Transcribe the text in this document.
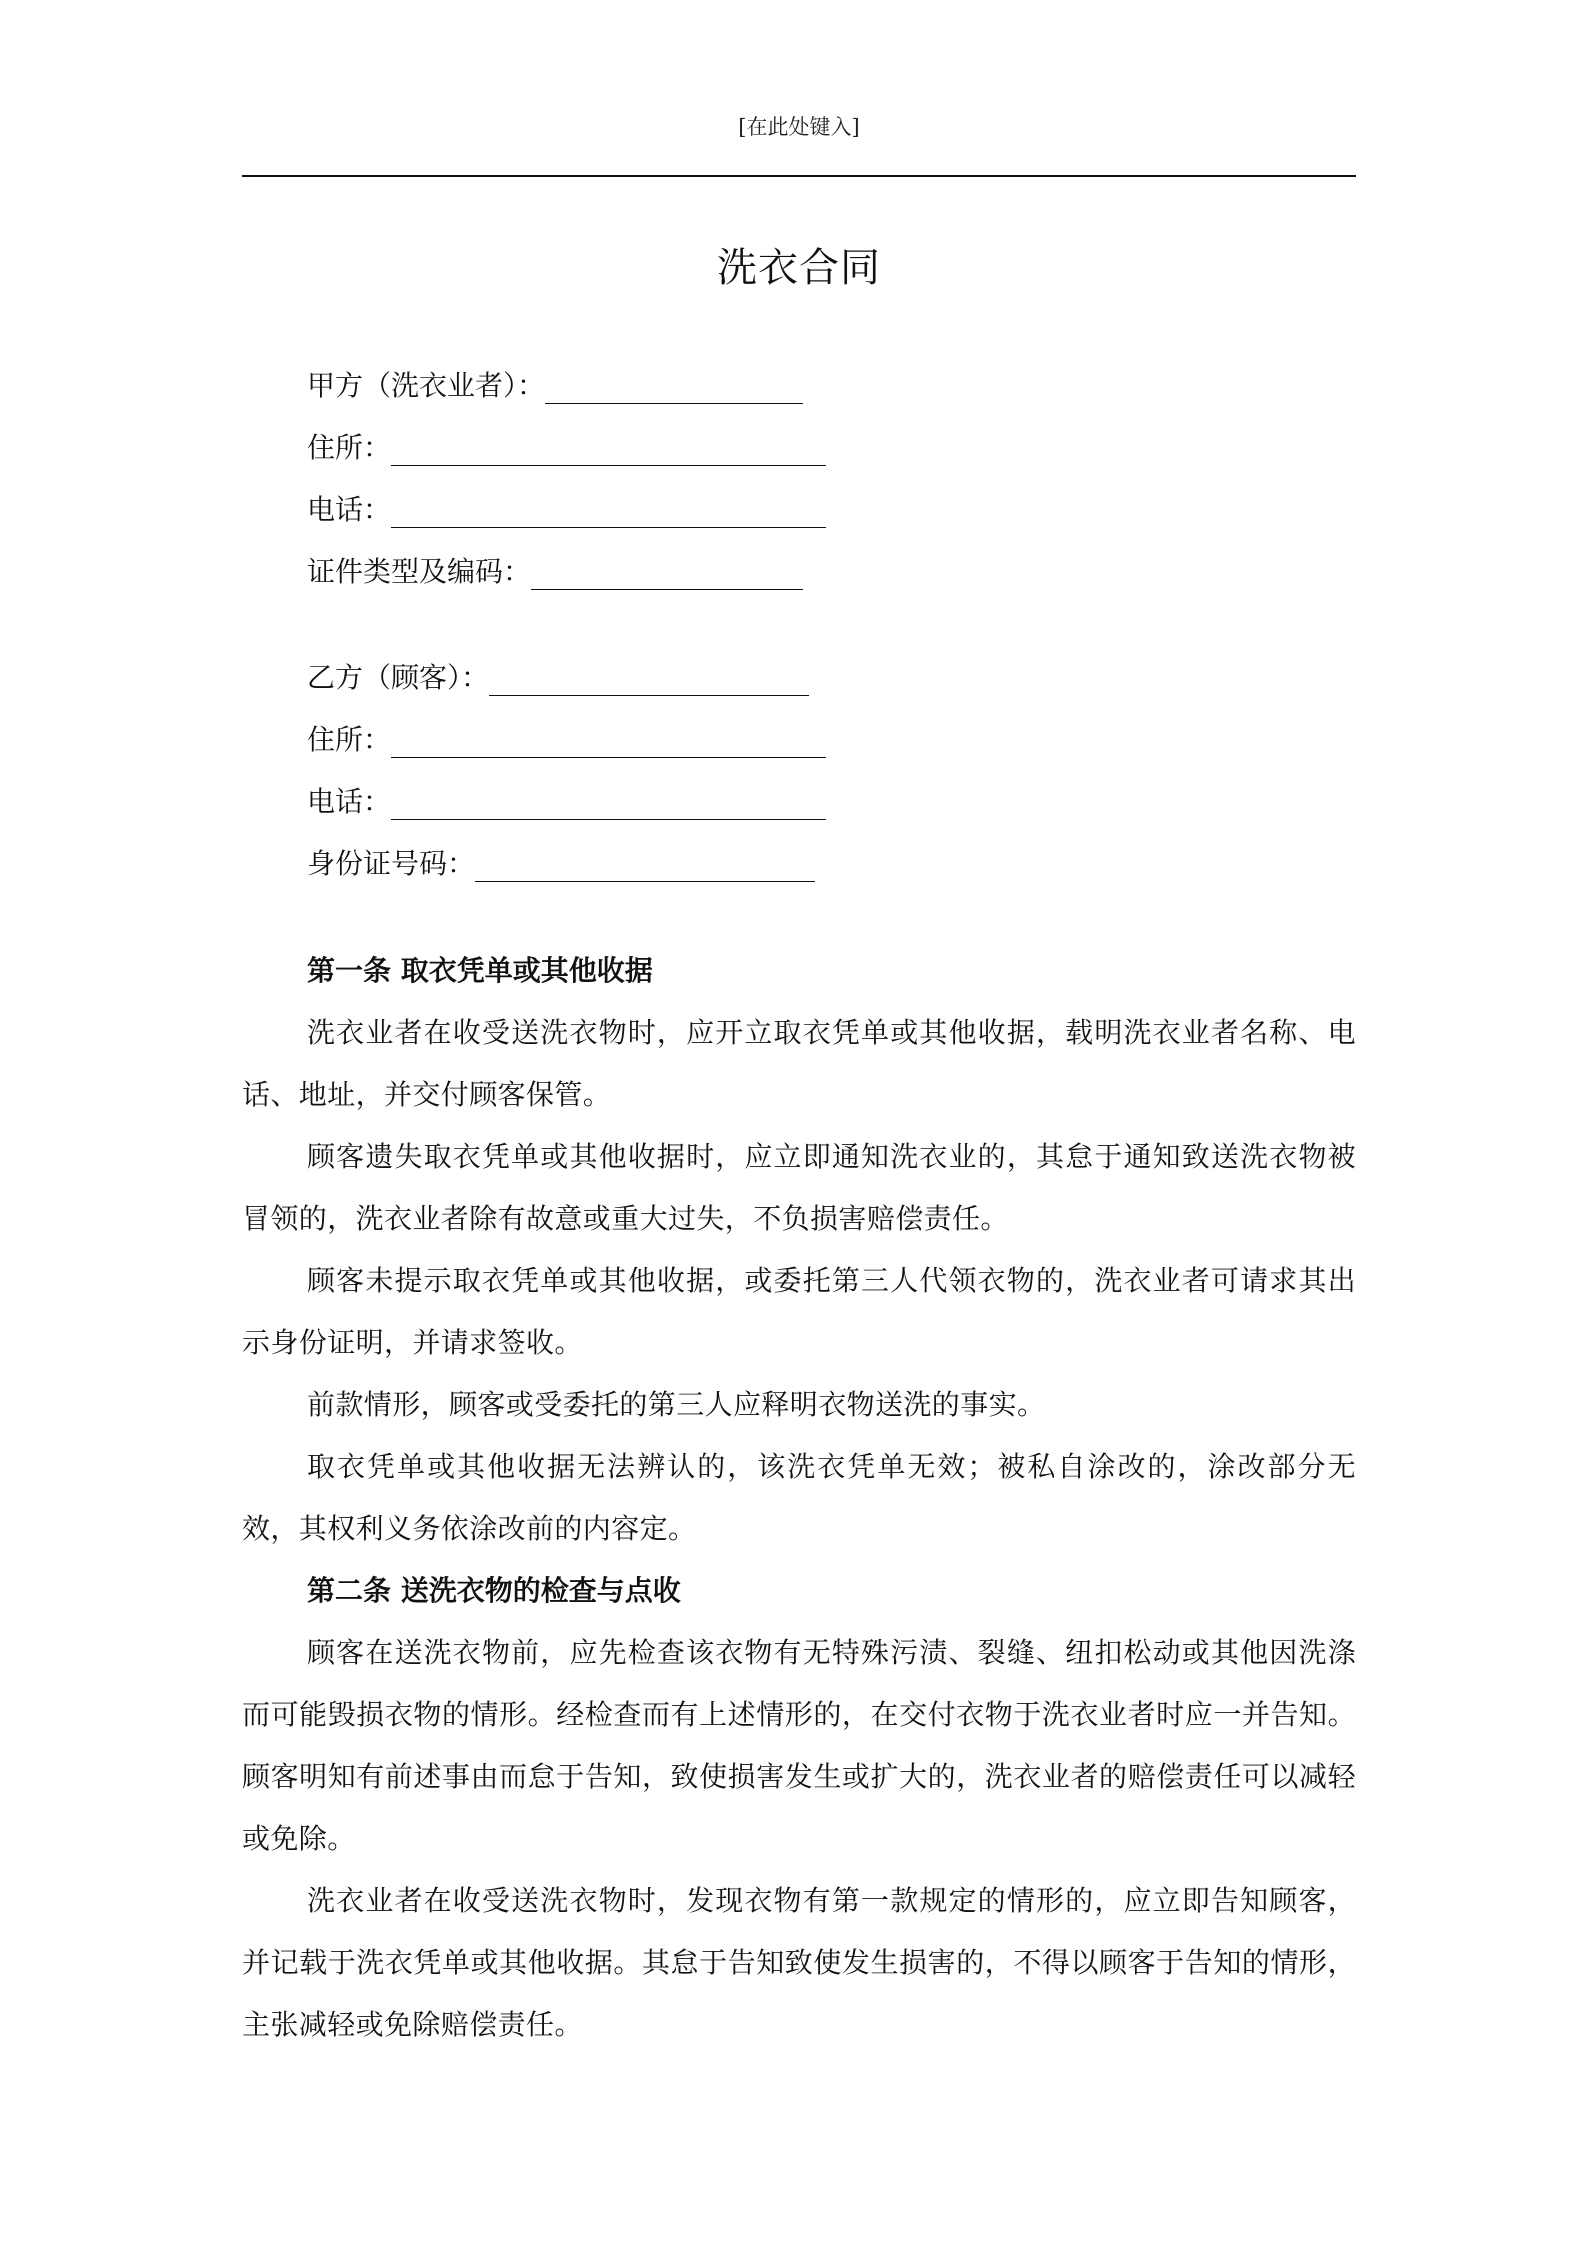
[在此处键入]
洗衣合同
甲方（洗衣业者）：
住所：
电话：
证件类型及编码：
乙方（顾客）：
住所：
电话：
身份证号码：
第一条 取衣凭单或其他收据

洗衣业者在收受送洗衣物时，应开立取衣凭单或其他收据，载明洗衣业者名称、电话、地址，并交付顾客保管。

顾客遗失取衣凭单或其他收据时，应立即通知洗衣业的，其怠于通知致送洗衣物被冒领的，洗衣业者除有故意或重大过失，不负损害赔偿责任。

顾客未提示取衣凭单或其他收据，或委托第三人代领衣物的，洗衣业者可请求其出示身份证明，并请求签收。

前款情形，顾客或受委托的第三人应释明衣物送洗的事实。

取衣凭单或其他收据无法辨认的，该洗衣凭单无效；被私自涂改的，涂改部分无效，其权利义务依涂改前的内容定。

第二条 送洗衣物的检查与点收

顾客在送洗衣物前，应先检查该衣物有无特殊污渍、裂缝、纽扣松动或其他因洗涤而可能毁损衣物的情形。经检查而有上述情形的，在交付衣物于洗衣业者时应一并告知。顾客明知有前述事由而怠于告知，致使损害发生或扩大的，洗衣业者的赔偿责任可以减轻或免除。

洗衣业者在收受送洗衣物时，发现衣物有第一款规定的情形的，应立即告知顾客，并记载于洗衣凭单或其他收据。其怠于告知致使发生损害的，不得以顾客于告知的情形，主张减轻或免除赔偿责任。
